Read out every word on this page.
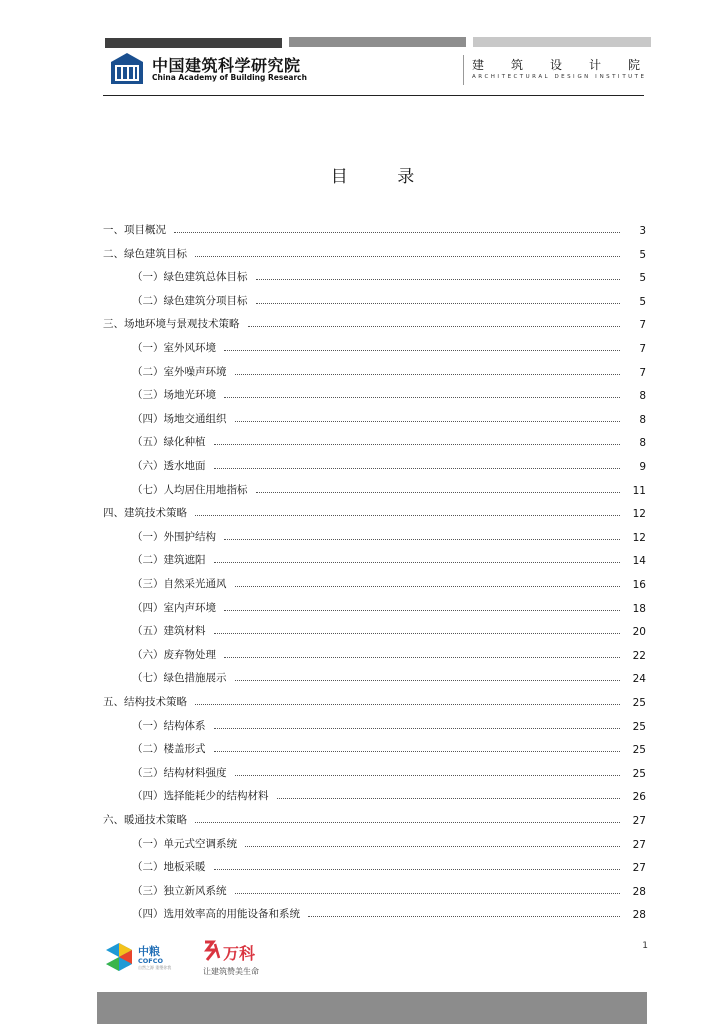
中国建筑科学研究院
China Academy of Building Research
建 筑 设 计 院
A R C H I T E C T U R A L D E S I G N I N S T I T U T E
目 录
一、项目概况	3
二、绿色建筑目标	5
（一）绿色建筑总体目标	5
（二）绿色建筑分项目标	5
三、场地环境与景观技术策略	7
（一）室外风环境	7
（二）室外噪声环境	7
（三）场地光环境	8
（四）场地交通组织	8
（五）绿化种植	8
（六）透水地面	9
（七）人均居住用地指标	11
四、建筑技术策略	12
（一）外围护结构	12
（二）建筑遮阳	14
（三）自然采光通风	16
（四）室内声环境	18
（五）建筑材料	20
（六）废弃物处理	22
（七）绿色措施展示	24
五、结构技术策略	25
（一）结构体系	25
（二）楼盖形式	25
（三）结构材料强度	25
（四）选择能耗少的结构材料	26
六、暖通技术策略	27
（一）单元式空调系统	27
（二）地板采暖	27
（三）独立新风系统	28
（四）选用效率高的用能设备和系统	28
1
中粮
COFCO
自然之源 重塑你我
万科
让建筑赞美生命
